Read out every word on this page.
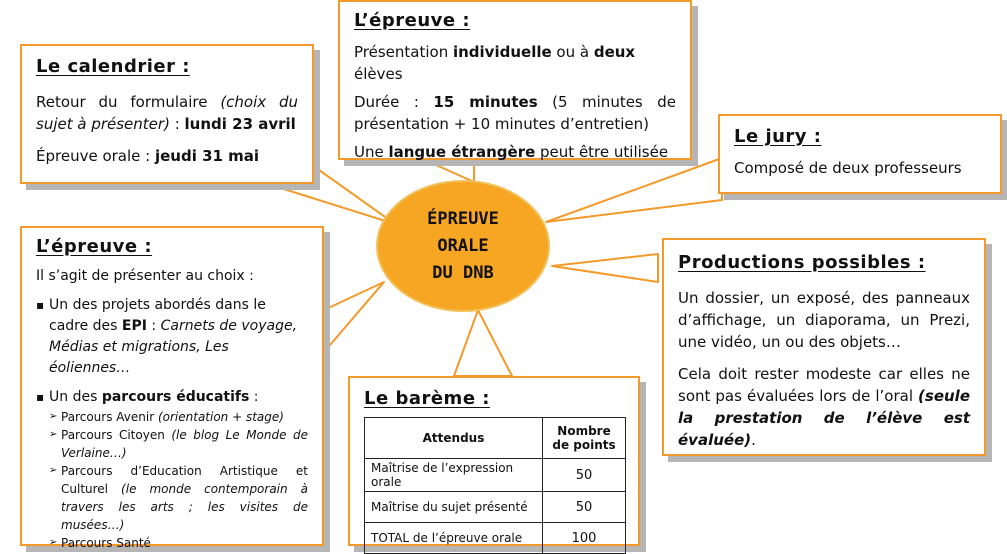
Le calendrier :

Retour du formulaire (choix du sujet à présenter) : lundi 23 avril

Épreuve orale : jeudi 31 mai

L’épreuve :

Présentation individuelle ou à deux élèves

Durée : 15 minutes (5 minutes de présentation + 10 minutes d’entretien)

Une langue étrangère peut être utilisée

Le jury :

Composé de deux professeurs

ÉPREUVE
ORALE
DU DNB
L’épreuve :

Il s’agit de présenter au choix :

▪ Un des projets abordés dans le cadre des EPI : Carnets de voyage, Médias et migrations, Les éoliennes…
▪ Un des parcours éducatifs :
➢ Parcours Avenir (orientation + stage)
➢ Parcours Citoyen (le blog Le Monde de Verlaine…)
➢ Parcours d’Education Artistique et Culturel (le monde contemporain à travers les arts ; les visites de musées…)
➢ Parcours Santé
Productions possibles :

Un dossier, un exposé, des panneaux d’affichage, un diaporama, un Prezi, une vidéo, un ou des objets…

Cela doit rester modeste car elles ne sont pas évaluées lors de l’oral (seule la prestation de l’élève est évaluée).

Le barème :
Attendus	Nombre de points
Maîtrise de l’expression orale	50
Maîtrise du sujet présenté	50
TOTAL de l’épreuve orale	100
